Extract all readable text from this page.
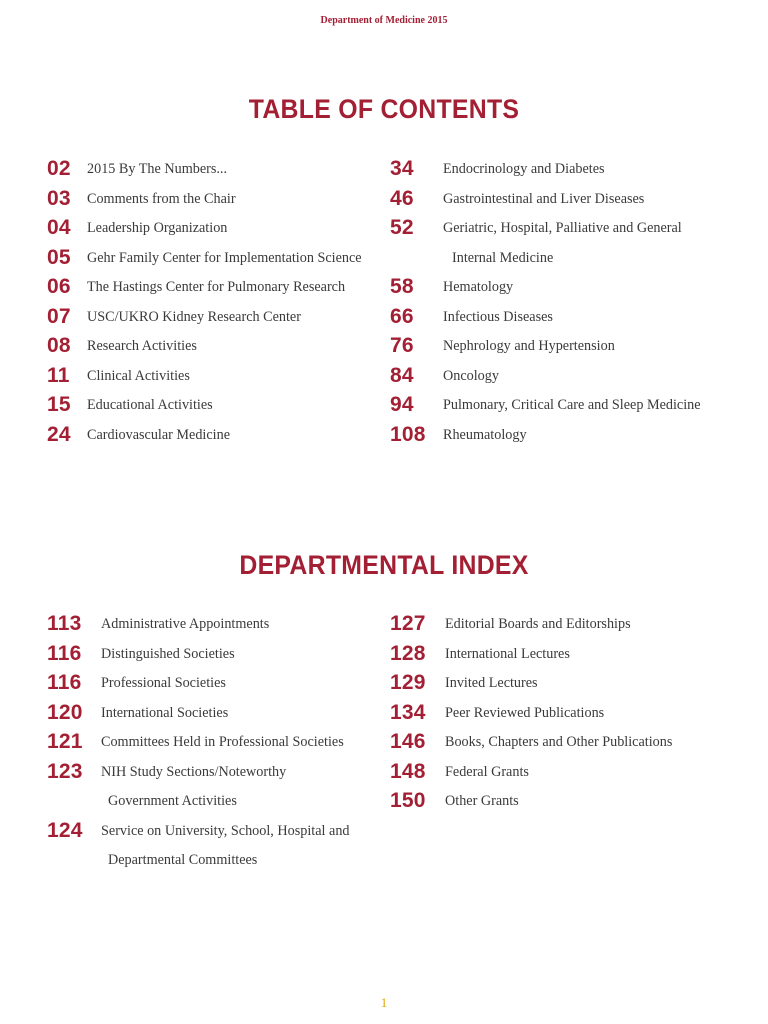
Department of Medicine 2015
TABLE OF CONTENTS
02 2015 By The Numbers...
03 Comments from the Chair
04 Leadership Organization
05 Gehr Family Center for Implementation Science
06 The Hastings Center for Pulmonary Research
07 USC/UKRO Kidney Research Center
08 Research Activities
11 Clinical Activities
15 Educational Activities
24 Cardiovascular Medicine
34 Endocrinology and Diabetes
46 Gastrointestinal and Liver Diseases
52 Geriatric, Hospital, Palliative and General
Internal Medicine
58 Hematology
66 Infectious Diseases
76 Nephrology and Hypertension
84 Oncology
94 Pulmonary, Critical Care and Sleep Medicine
108 Rheumatology
DEPARTMENTAL INDEX
113 Administrative Appointments
116 Distinguished Societies
116 Professional Societies
120 International Societies
121 Committees Held in Professional Societies
123 NIH Study Sections/Noteworthy
Government Activities
124 Service on University, School, Hospital and
Departmental Committees
127 Editorial Boards and Editorships
128 International Lectures
129 Invited Lectures
134 Peer Reviewed Publications
146 Books, Chapters and Other Publications
148 Federal Grants
150 Other Grants
1
